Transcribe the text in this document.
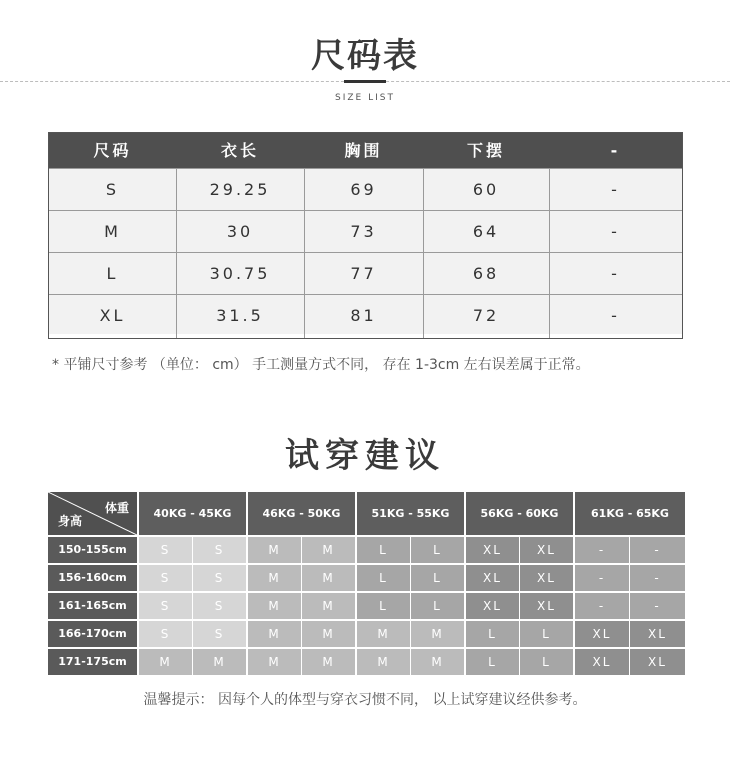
尺码表
SIZE LIST
尺码	衣长	胸围	下摆	-
S	29.25	69	60	-
M	30	73	64	-
L	30.75	77	68	-
XL	31.5	81	72	-
* 平铺尺寸参考 （单位： cm） 手工测量方式不同， 存在 1-3cm 左右误差属于正常。
试穿建议
体重
身高
40KG - 45KG	46KG - 50KG	51KG - 55KG	56KG - 60KG	61KG - 65KG
150-155cm	S	S	M	M	L	L	XL	XL	-	-
156-160cm	S	S	M	M	L	L	XL	XL	-	-
161-165cm	S	S	M	M	L	L	XL	XL	-	-
166-170cm	S	S	M	M	M	M	L	L	XL	XL
171-175cm	M	M	M	M	M	M	L	L	XL	XL
温馨提示： 因每个人的体型与穿衣习惯不同， 以上试穿建议经供参考。
